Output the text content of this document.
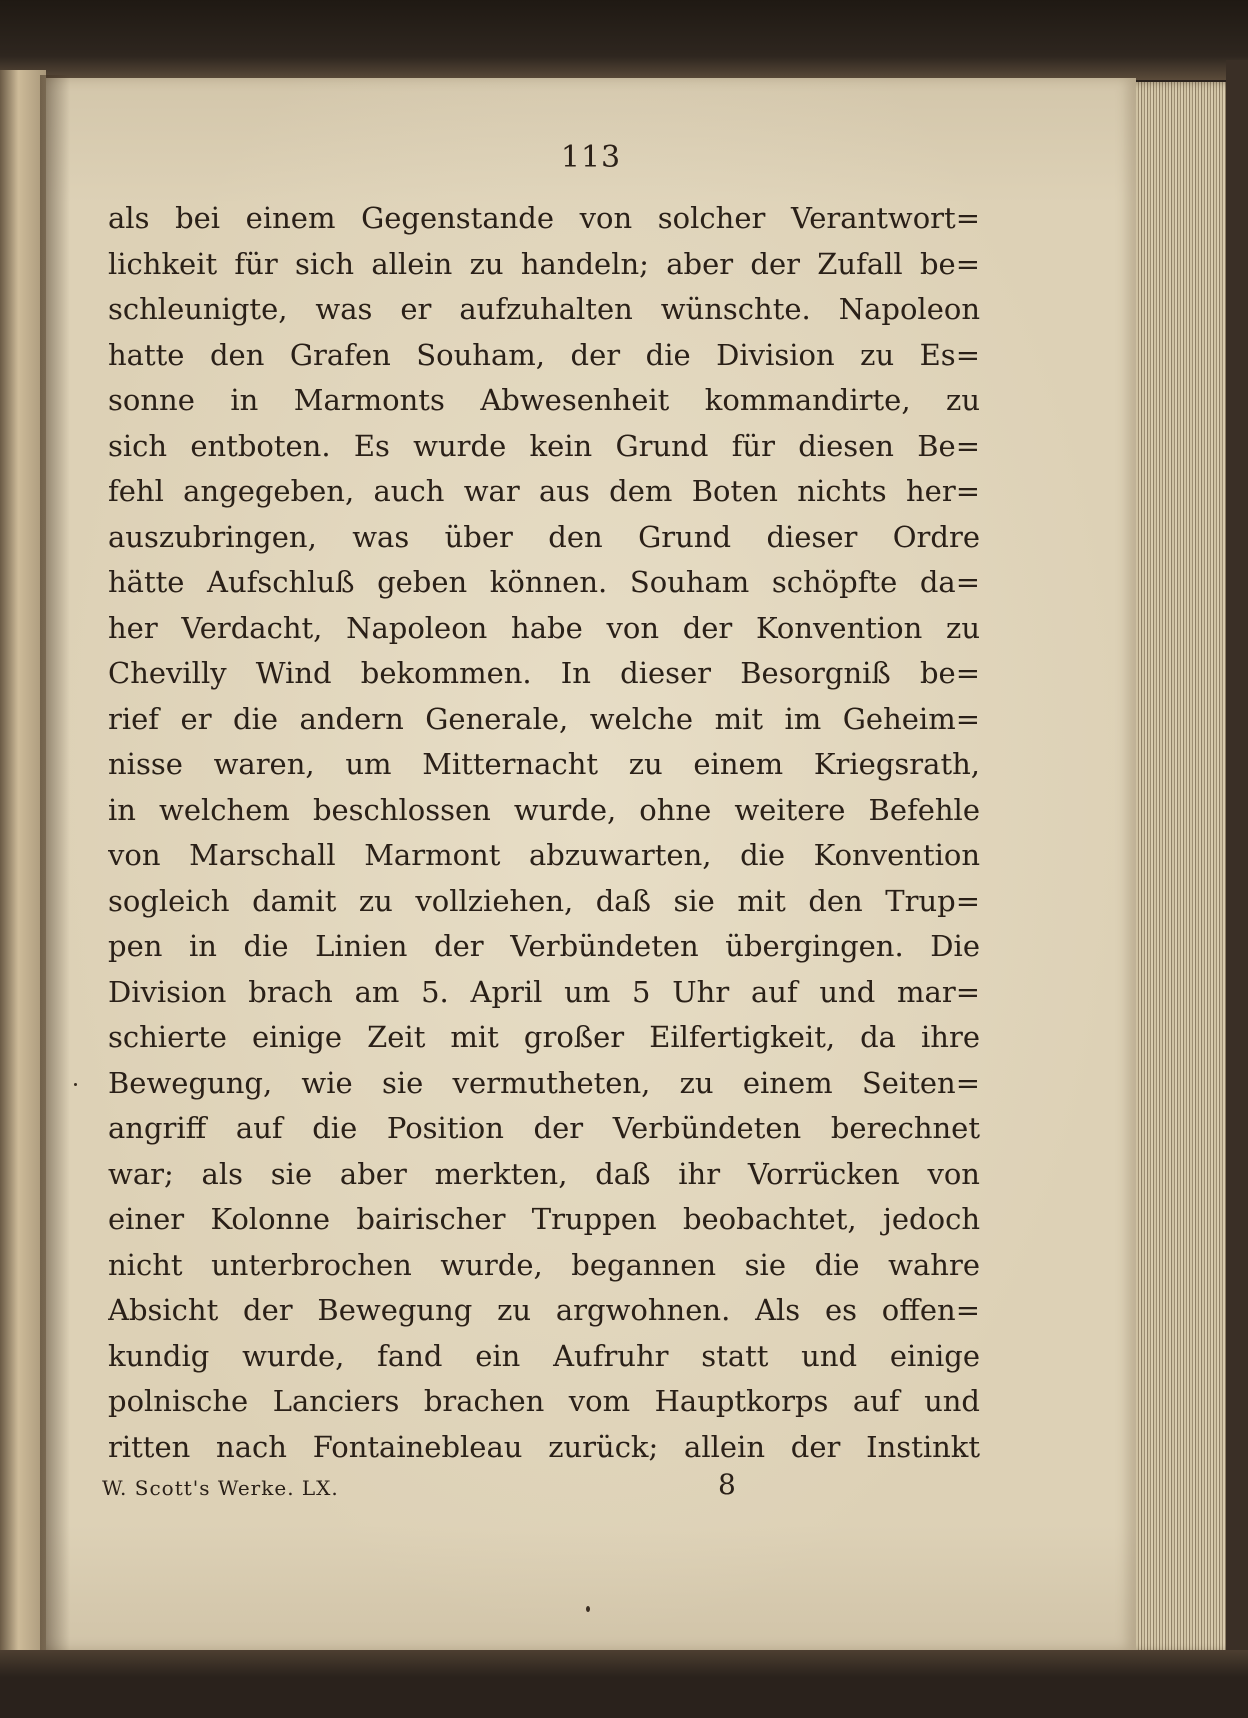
113
als bei einem Gegenstande von solcher Verantwort=
lichkeit für sich allein zu handeln; aber der Zufall be=
schleunigte, was er aufzuhalten wünschte. Napoleon
hatte den Grafen Souham, der die Division zu Es=
sonne in Marmonts Abwesenheit kommandirte, zu
sich entboten. Es wurde kein Grund für diesen Be=
fehl angegeben, auch war aus dem Boten nichts her=
auszubringen, was über den Grund dieser Ordre
hätte Aufschluß geben können. Souham schöpfte da=
her Verdacht, Napoleon habe von der Konvention zu
Chevilly Wind bekommen. In dieser Besorgniß be=
rief er die andern Generale, welche mit im Geheim=
nisse waren, um Mitternacht zu einem Kriegsrath,
in welchem beschlossen wurde, ohne weitere Befehle
von Marschall Marmont abzuwarten, die Konvention
sogleich damit zu vollziehen, daß sie mit den Trup=
pen in die Linien der Verbündeten übergingen. Die
Division brach am 5. April um 5 Uhr auf und mar=
schierte einige Zeit mit großer Eilfertigkeit, da ihre
Bewegung, wie sie vermutheten, zu einem Seiten=
angriff auf die Position der Verbündeten berechnet
war; als sie aber merkten, daß ihr Vorrücken von
einer Kolonne bairischer Truppen beobachtet, jedoch
nicht unterbrochen wurde, begannen sie die wahre
Absicht der Bewegung zu argwohnen. Als es offen=
kundig wurde, fand ein Aufruhr statt und einige
polnische Lanciers brachen vom Hauptkorps auf und
ritten nach Fontainebleau zurück; allein der Instinkt
W. Scott's Werke. LX.	8
